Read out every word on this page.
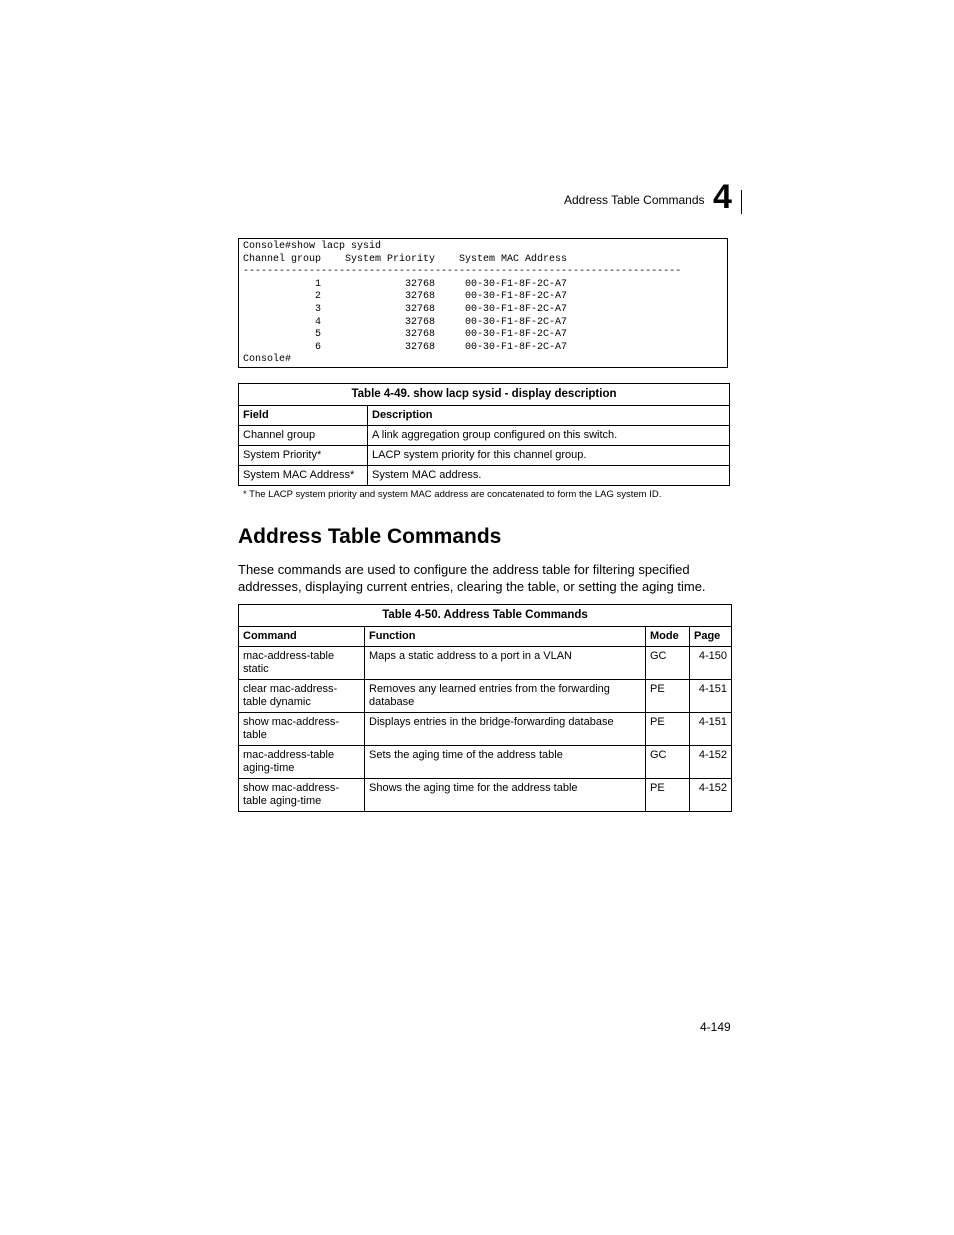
Address Table Commands 4
Console#show lacp sysid
Channel group    System Priority    System MAC Address
-------------------------------------------------------------------------
1              32768     00-30-F1-8F-2C-A7
2              32768     00-30-F1-8F-2C-A7
3              32768     00-30-F1-8F-2C-A7
4              32768     00-30-F1-8F-2C-A7
5              32768     00-30-F1-8F-2C-A7
6              32768     00-30-F1-8F-2C-A7
Console#
Table 4-49. show lacp sysid - display description	
Field	Description
Channel group	A link aggregation group configured on this switch.
System Priority*	LACP system priority for this channel group.
System MAC Address*	System MAC address.
* The LACP system priority and system MAC address are concatenated to form the LAG system ID.
Address Table Commands

These commands are used to configure the address table for filtering specified addresses, displaying current entries, clearing the table, or setting the aging time.

Table 4-50. Address Table Commands			
Command	Function	Mode	Page
mac-address-table static	Maps a static address to a port in a VLAN	GC	4-150
clear mac-address-table dynamic	Removes any learned entries from the forwarding database	PE	4-151
show mac-address-table	Displays entries in the bridge-forwarding database	PE	4-151
mac-address-table aging-time	Sets the aging time of the address table	GC	4-152
show mac-address-table aging-time	Shows the aging time for the address table	PE	4-152
4-149
